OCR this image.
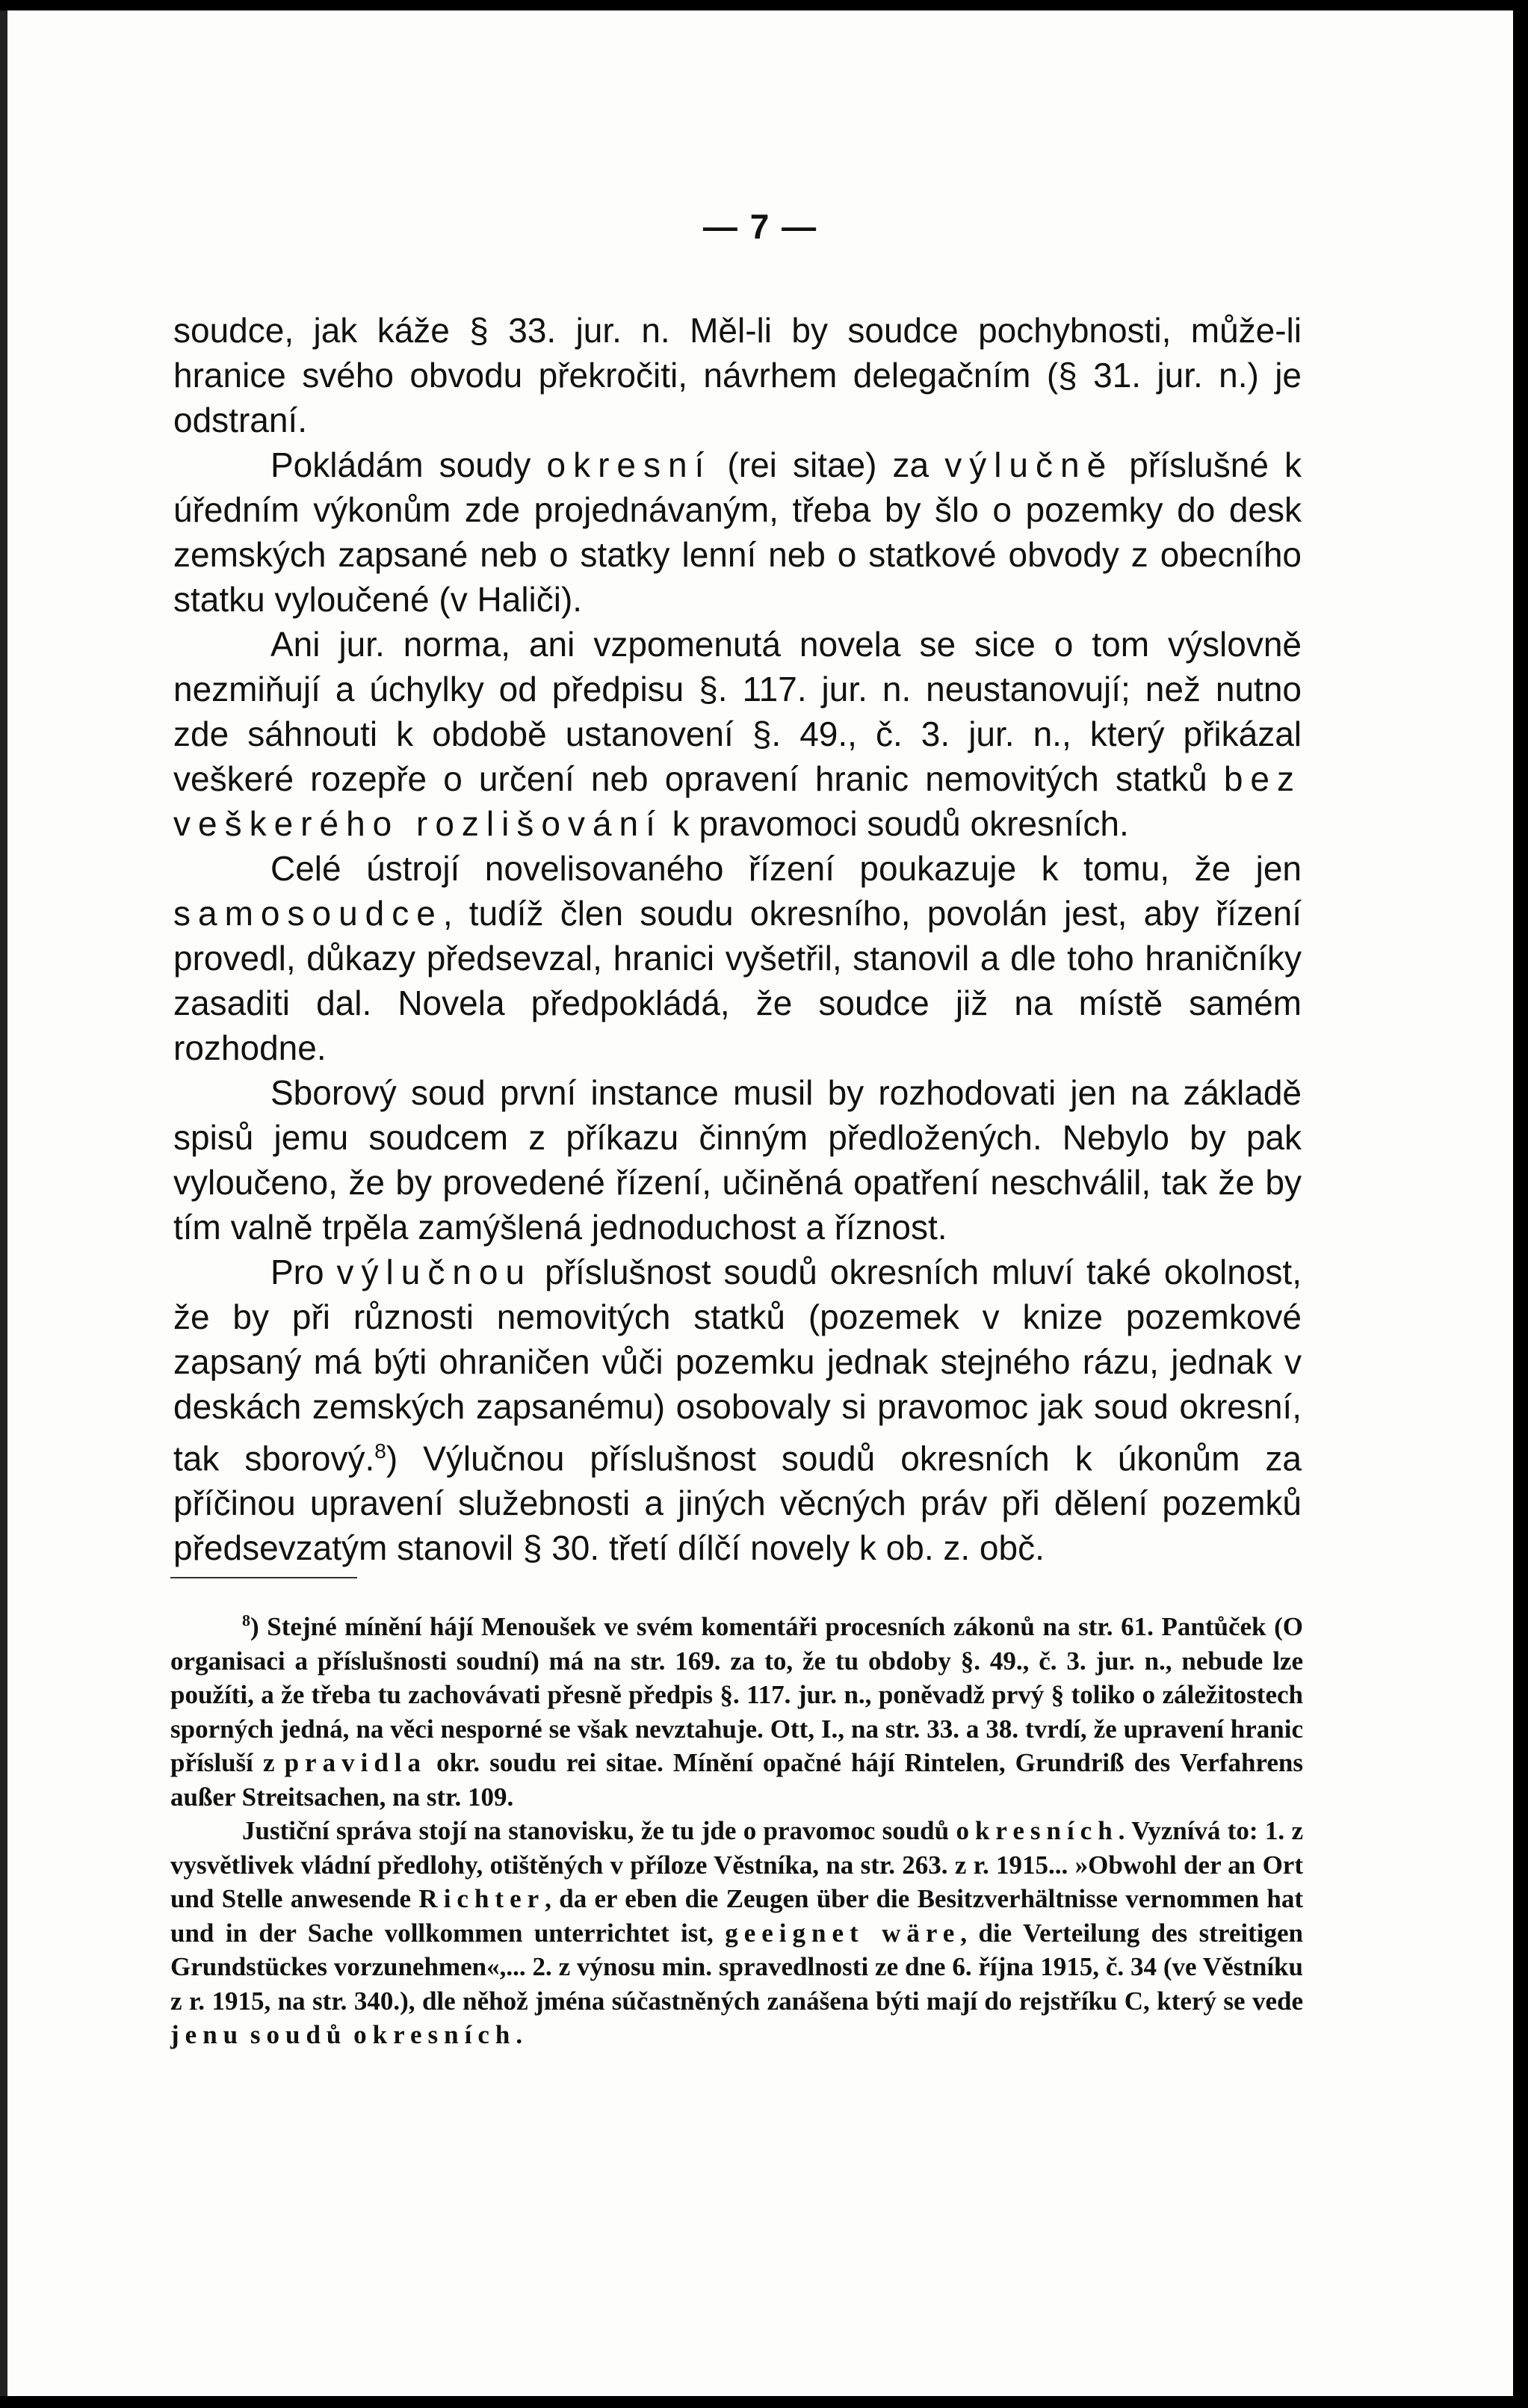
— 7 —

soudce, jak káže § 33. jur. n. Měl-li by soudce pochybnosti, může-li hranice svého obvodu překročiti, návrhem delegačním (§ 31. jur. n.) je odstraní.

Pokládám soudy okresní (rei sitae) za výlučně příslušné k úředním výkonům zde projednávaným, třeba by šlo o pozemky do desk zemských zapsané neb o statky lenní neb o statkové obvody z obecního statku vyloučené (v Haliči).

Ani jur. norma, ani vzpomenutá novela se sice o tom výslovně nezmiňují a úchylky od předpisu §. 117. jur. n. neustanovují; než nutno zde sáhnouti k obdobě ustanovení §. 49., č. 3. jur. n., který přikázal veškeré rozepře o určení neb opravení hranic nemovitých statků bez veškerého rozlišování k pravomoci soudů okresních.

Celé ústrojí novelisovaného řízení poukazuje k tomu, že jen samosoudce, tudíž člen soudu okresního, povolán jest, aby řízení provedl, důkazy předsevzal, hranici vyšetřil, stanovil a dle toho hraničníky zasaditi dal. Novela předpokládá, že soudce již na místě samém rozhodne.

Sborový soud první instance musil by rozhodovati jen na základě spisů jemu soudcem z příkazu činným předložených. Nebylo by pak vyloučeno, že by provedené řízení, učiněná opatření neschválil, tak že by tím valně trpěla zamýšlená jednoduchost a říznost.

Pro výlučnou příslušnost soudů okresních mluví také okolnost, že by při různosti nemovitých statků (pozemek v knize pozemkové zapsaný má býti ohraničen vůči pozemku jednak stejného rázu, jednak v deskách zemských zapsanému) osobovaly si pravomoc jak soud okresní, tak sborový.$^8$) Výlučnou příslušnost soudů okresních k úkonům za příčinou upravení služebnosti a jiných věcných práv při dělení pozemků předsevzatým stanovil § 30. třetí dílčí novely k ob. z. obč.

$^8$) Stejné mínění hájí Menoušek ve svém komentáři procesních zákonů na str. 61. Pantůček (O organisaci a příslušnosti soudní) má na str. 169. za to, že tu obdoby §. 49., č. 3. jur. n., nebude lze použíti, a že třeba tu zachovávati přesně předpis §. 117. jur. n., poněvadž prvý § toliko o záležitostech sporných jedná, na věci nesporné se však nevztahuje. Ott, I., na str. 33. a 38. tvrdí, že upravení hranic přísluší z pravidla okr. soudu rei sitae. Mínění opačné hájí Rintelen, Grundriß des Verfahrens außer Streitsachen, na str. 109.

Justiční správa stojí na stanovisku, že tu jde o pravomoc soudů okresních. Vyznívá to: 1. z vysvětlivek vládní předlohy, otištěných v příloze Věstníka, na str. 263. z r. 1915... »Obwohl der an Ort und Stelle anwesende Richter, da er eben die Zeugen über die Besitzverhältnisse vernommen hat und in der Sache vollkommen unterrichtet ist, geeignet wäre, die Verteilung des streitigen Grundstückes vorzunehmen«,... 2. z výnosu min. spravedlnosti ze dne 6. října 1915, č. 34 (ve Věstníku z r. 1915, na str. 340.), dle něhož jména súčastněných zanášena býti mají do rejstříku C, který se vede jenu soudů okresních.
